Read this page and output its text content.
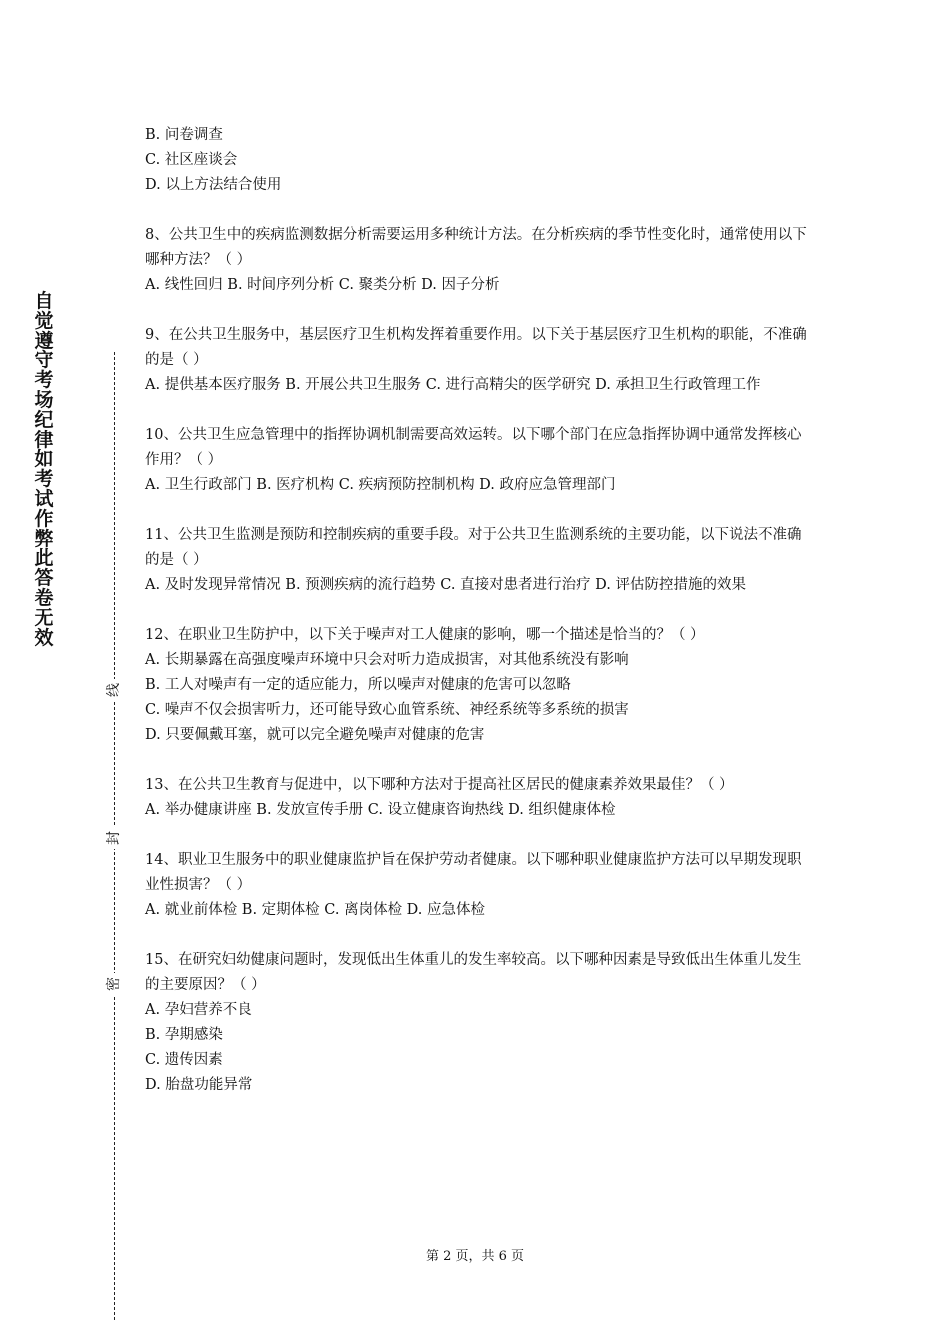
自觉遵守考场纪律如考试作弊此答卷无效
线
封
密

B. 问卷调查

C. 社区座谈会

D. 以上方法结合使用

8、公共卫生中的疾病监测数据分析需要运用多种统计方法。在分析疾病的季节性变化时，通常使用以下哪种方法？（ ）

A. 线性回归 B. 时间序列分析 C. 聚类分析 D. 因子分析

9、在公共卫生服务中，基层医疗卫生机构发挥着重要作用。以下关于基层医疗卫生机构的职能，不准确的是（ ）

A. 提供基本医疗服务 B. 开展公共卫生服务 C. 进行高精尖的医学研究 D. 承担卫生行政管理工作

10、公共卫生应急管理中的指挥协调机制需要高效运转。以下哪个部门在应急指挥协调中通常发挥核心作用？（ ）

A. 卫生行政部门 B. 医疗机构 C. 疾病预防控制机构 D. 政府应急管理部门

11、公共卫生监测是预防和控制疾病的重要手段。对于公共卫生监测系统的主要功能，以下说法不准确的是（ ）

A. 及时发现异常情况 B. 预测疾病的流行趋势 C. 直接对患者进行治疗 D. 评估防控措施的效果

12、在职业卫生防护中，以下关于噪声对工人健康的影响，哪一个描述是恰当的？（ ）

A. 长期暴露在高强度噪声环境中只会对听力造成损害，对其他系统没有影响

B. 工人对噪声有一定的适应能力，所以噪声对健康的危害可以忽略

C. 噪声不仅会损害听力，还可能导致心血管系统、神经系统等多系统的损害

D. 只要佩戴耳塞，就可以完全避免噪声对健康的危害

13、在公共卫生教育与促进中，以下哪种方法对于提高社区居民的健康素养效果最佳？（ ）

A. 举办健康讲座 B. 发放宣传手册 C. 设立健康咨询热线 D. 组织健康体检

14、职业卫生服务中的职业健康监护旨在保护劳动者健康。以下哪种职业健康监护方法可以早期发现职业性损害？（ ）

A. 就业前体检 B. 定期体检 C. 离岗体检 D. 应急体检

15、在研究妇幼健康问题时，发现低出生体重儿的发生率较高。以下哪种因素是导致低出生体重儿发生的主要原因？（ ）

A. 孕妇营养不良

B. 孕期感染

C. 遗传因素

D. 胎盘功能异常

第 2 页，共 6 页
